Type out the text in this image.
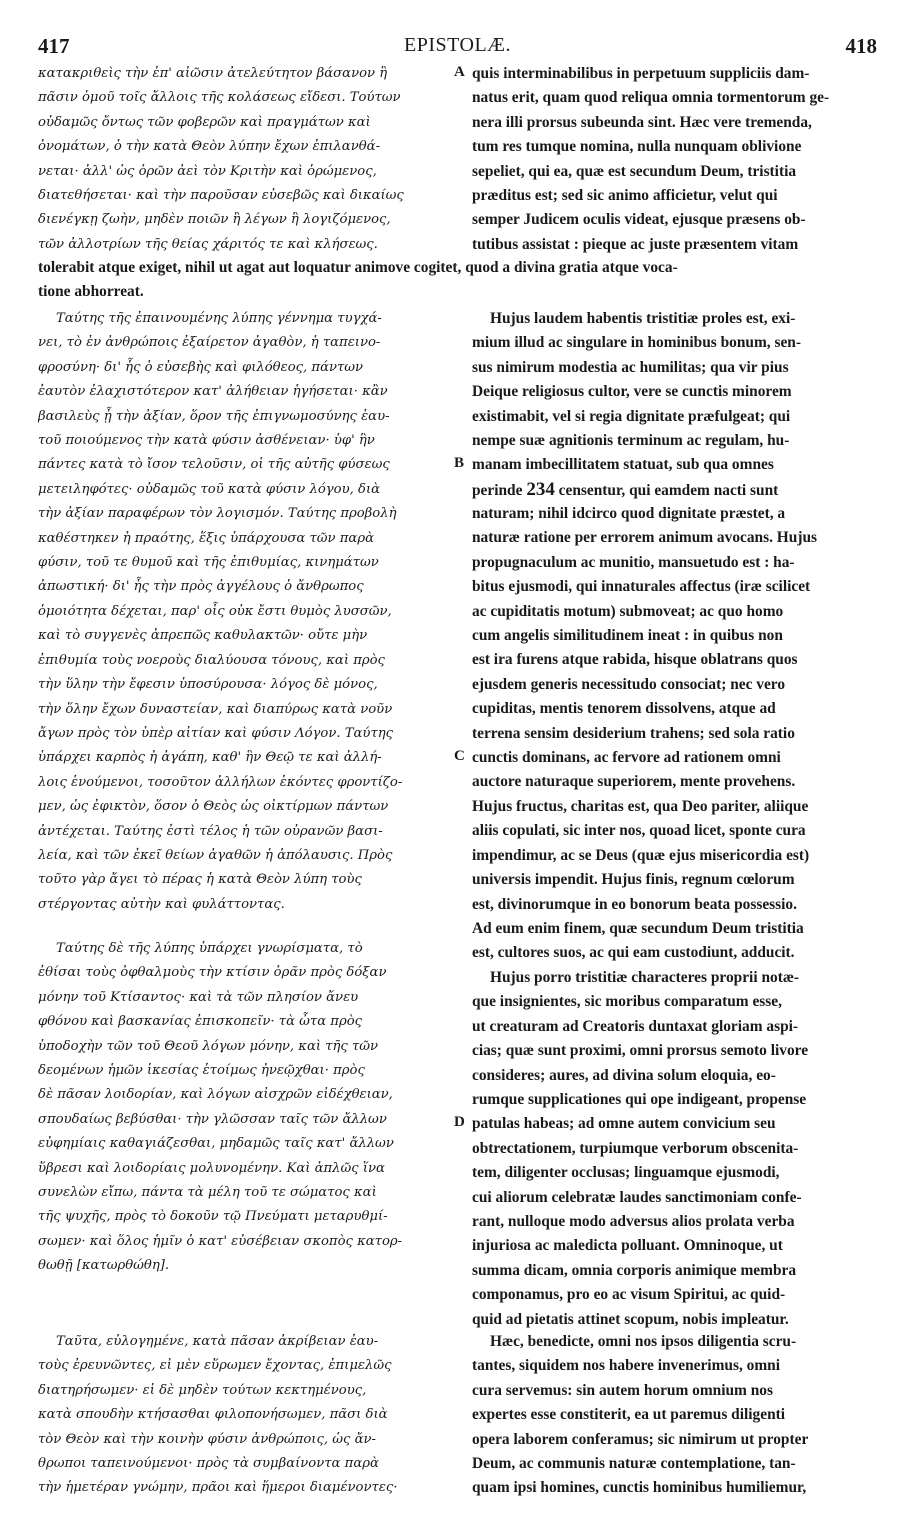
417	EPISTOLÆ.	418
κατακριθεὶς τὴν ἐπ' αἰῶσιν ἀτελεύτητον βάσανον ἢ
πᾶσιν ὁμοῦ τοῖς ἄλλοις τῆς κολάσεως εἴδεσι. Τούτων
οὐδαμῶς ὄντως τῶν φοβερῶν καὶ πραγμάτων καὶ
ὀνομάτων, ὁ τὴν κατὰ Θεὸν λύπην ἔχων ἐπιλανθά-
νεται· ἀλλ' ὡς ὁρῶν ἀεὶ τὸν Κριτὴν καὶ ὁρώμενος,
διατεθήσεται· καὶ τὴν παροῦσαν εὐσεβῶς καὶ δικαίως
διενέγκῃ ζωὴν, μηδὲν ποιῶν ἢ λέγων ἢ λογιζόμενος,
τῶν ἀλλοτρίων τῆς θείας χάριτός τε καὶ κλήσεως.
Ταύτης τῆς ἐπαινουμένης λύπης γέννημα τυγχά-
νει, τὸ ἐν ἀνθρώποις ἐξαίρετον ἀγαθὸν, ἡ ταπεινο-
φροσύνη· δι' ἧς ὁ εὐσεβὴς καὶ φιλόθεος, πάντων
ἑαυτὸν ἐλαχιστότερον κατ' ἀλήθειαν ἡγήσεται· κἂν
βασιλεὺς ᾖ τὴν ἀξίαν, ὅρον τῆς ἐπιγνωμοσύνης ἑαυ-
τοῦ ποιούμενος τὴν κατὰ φύσιν ἀσθένειαν· ὑφ' ἣν
πάντες κατὰ τὸ ἴσον τελοῦσιν, οἱ τῆς αὐτῆς φύσεως
μετειληφότες· οὐδαμῶς τοῦ κατὰ φύσιν λόγου, διὰ
τὴν ἀξίαν παραφέρων τὸν λογισμόν. Ταύτης προβολὴ
καθέστηκεν ἡ πραότης, ἕξις ὑπάρχουσα τῶν παρὰ
φύσιν, τοῦ τε θυμοῦ καὶ τῆς ἐπιθυμίας, κινημάτων
ἀπωστική· δι' ἧς τὴν πρὸς ἀγγέλους ὁ ἄνθρωπος
ὁμοιότητα δέχεται, παρ' οἷς οὐκ ἔστι θυμὸς λυσσῶν,
καὶ τὸ συγγενὲς ἀπρεπῶς καθυλακτῶν· οὔτε μὴν
ἐπιθυμία τοὺς νοεροὺς διαλύουσα τόνους, καὶ πρὸς
τὴν ὕλην τὴν ἔφεσιν ὑποσύρουσα· λόγος δὲ μόνος,
τὴν ὅλην ἔχων δυναστείαν, καὶ διαπύρως κατὰ νοῦν
ἄγων πρὸς τὸν ὑπὲρ αἰτίαν καὶ φύσιν Λόγον. Ταύτης
ὑπάρχει καρπὸς ἡ ἀγάπη, καθ' ἣν Θεῷ τε καὶ ἀλλή-
λοις ἑνούμενοι, τοσοῦτον ἀλλήλων ἑκόντες φροντίζο-
μεν, ὡς ἐφικτὸν, ὅσον ὁ Θεὸς ὡς οἰκτίρμων πάντων
ἀντέχεται. Ταύτης ἐστὶ τέλος ἡ τῶν οὐρανῶν βασι-
λεία, καὶ τῶν ἐκεῖ θείων ἀγαθῶν ἡ ἀπόλαυσις. Πρὸς
τοῦτο γὰρ ἄγει τὸ πέρας ἡ κατὰ Θεὸν λύπη τοὺς
στέργοντας αὐτὴν καὶ φυλάττοντας.
Ταύτης δὲ τῆς λύπης ὑπάρχει γνωρίσματα, τὸ
ἐθίσαι τοὺς ὀφθαλμοὺς τὴν κτίσιν ὁρᾶν πρὸς δόξαν
μόνην τοῦ Κτίσαντος· καὶ τὰ τῶν πλησίον ἄνευ
φθόνου καὶ βασκανίας ἐπισκοπεῖν· τὰ ὦτα πρὸς
ὑποδοχὴν τῶν τοῦ Θεοῦ λόγων μόνην, καὶ τῆς τῶν
δεομένων ἡμῶν ἱκεσίας ἑτοίμως ἠνεῷχθαι· πρὸς
δὲ πᾶσαν λοιδορίαν, καὶ λόγων αἰσχρῶν εἰδέχθειαν,
σπουδαίως βεβύσθαι· τὴν γλῶσσαν ταῖς τῶν ἄλλων
εὐφημίαις καθαγιάζεσθαι, μηδαμῶς ταῖς κατ' ἄλλων
ὕβρεσι καὶ λοιδορίαις μολυνομένην. Καὶ ἁπλῶς ἵνα
συνελὼν εἴπω, πάντα τὰ μέλη τοῦ τε σώματος καὶ
τῆς ψυχῆς, πρὸς τὸ δοκοῦν τῷ Πνεύματι μεταρυθμί-
σωμεν· καὶ ὅλος ἡμῖν ὁ κατ' εὐσέβειαν σκοπὸς κατορ-
θωθῇ [κατωρθώθη].
Ταῦτα, εὐλογημένε, κατὰ πᾶσαν ἀκρίβειαν ἑαυ-
τοὺς ἐρευνῶντες, εἰ μὲν εὕρωμεν ἔχοντας, ἐπιμελῶς
διατηρήσωμεν· εἰ δὲ μηδὲν τούτων κεκτημένους,
κατὰ σπουδὴν κτήσασθαι φιλοπονήσωμεν, πᾶσι διὰ
τὸν Θεὸν καὶ τὴν κοινὴν φύσιν ἀνθρώποις, ὡς ἄν-
θρωποι ταπεινούμενοι· πρὸς τὰ συμβαίνοντα παρὰ
τὴν ἡμετέραν γνώμην, πρᾶοι καὶ ἥμεροι διαμένοντες·
tolerabit atque exiget, nihil ut agat aut loquatur animove cogitet, quod a divina gratia atque voca-
tione abhorreat.
quis interminabilibus in perpetuum suppliciis dam-
natus erit, quam quod reliqua omnia tormentorum ge-
nera illi prorsus subeunda sint. Hæc vere tremenda,
tum res tumque nomina, nulla nunquam oblivione
sepeliet, qui ea, quæ est secundum Deum, tristitia
præditus est; sed sic animo afficietur, velut qui
semper Judicem oculis videat, ejusque præsens ob-
tutibus assistat : pieque ac juste præsentem vitam
Hujus laudem habentis tristitiæ proles est, exi-
mium illud ac singulare in hominibus bonum, sen-
sus nimirum modestia ac humilitas; qua vir pius
Deique religiosus cultor, vere se cunctis minorem
existimabit, vel si regia dignitate præfulgeat; qui
nempe suæ agnitionis terminum ac regulam, hu-
manam imbecillitatem statuat, sub qua omnes
perinde 234 censentur, qui eamdem nacti sunt
naturam; nihil idcirco quod dignitate præstet, a
naturæ ratione per errorem animum avocans. Hujus
propugnaculum ac munitio, mansuetudo est : ha-
bitus ejusmodi, qui innaturales affectus (iræ scilicet
ac cupiditatis motum) submoveat; ac quo homo
cum angelis similitudinem ineat : in quibus non
est ira furens atque rabida, hisque oblatrans quos
ejusdem generis necessitudo consociat; nec vero
cupiditas, mentis tenorem dissolvens, atque ad
terrena sensim desiderium trahens; sed sola ratio
cunctis dominans, ac fervore ad rationem omni
auctore naturaque superiorem, mente provehens.
Hujus fructus, charitas est, qua Deo pariter, aliique
aliis copulati, sic inter nos, quoad licet, sponte cura
impendimur, ac se Deus (quæ ejus misericordia est)
universis impendit. Hujus finis, regnum cœlorum
est, divinorumque in eo bonorum beata possessio.
Ad eum enim finem, quæ secundum Deum tristitia
est, cultores suos, ac qui eam custodiunt, adducit.
Hujus porro tristitiæ characteres proprii notæ-
que insignientes, sic moribus comparatum esse,
ut creaturam ad Creatoris duntaxat gloriam aspi-
cias; quæ sunt proximi, omni prorsus semoto livore
consideres; aures, ad divina solum eloquia, eo-
rumque supplicationes qui ope indigeant, propense
patulas habeas; ad omne autem convicium seu
obtrectationem, turpiumque verborum obscenita-
tem, diligenter occlusas; linguamque ejusmodi,
cui aliorum celebratæ laudes sanctimoniam confe-
rant, nulloque modo adversus alios prolata verba
injuriosa ac maledicta polluant. Omninoque, ut
summa dicam, omnia corporis animique membra
componamus, pro eo ac visum Spiritui, ac quid-
quid ad pietatis attinet scopum, nobis impleatur.
Hæc, benedicte, omni nos ipsos diligentia scru-
tantes, siquidem nos habere invenerimus, omni
cura servemus: sin autem horum omnium nos
expertes esse constiterit, ea ut paremus diligenti
opera laborem conferamus; sic nimirum ut propter
Deum, ac communis naturæ contemplatione, tan-
quam ipsi homines, cunctis hominibus humiliemur,
A
B
C
D
